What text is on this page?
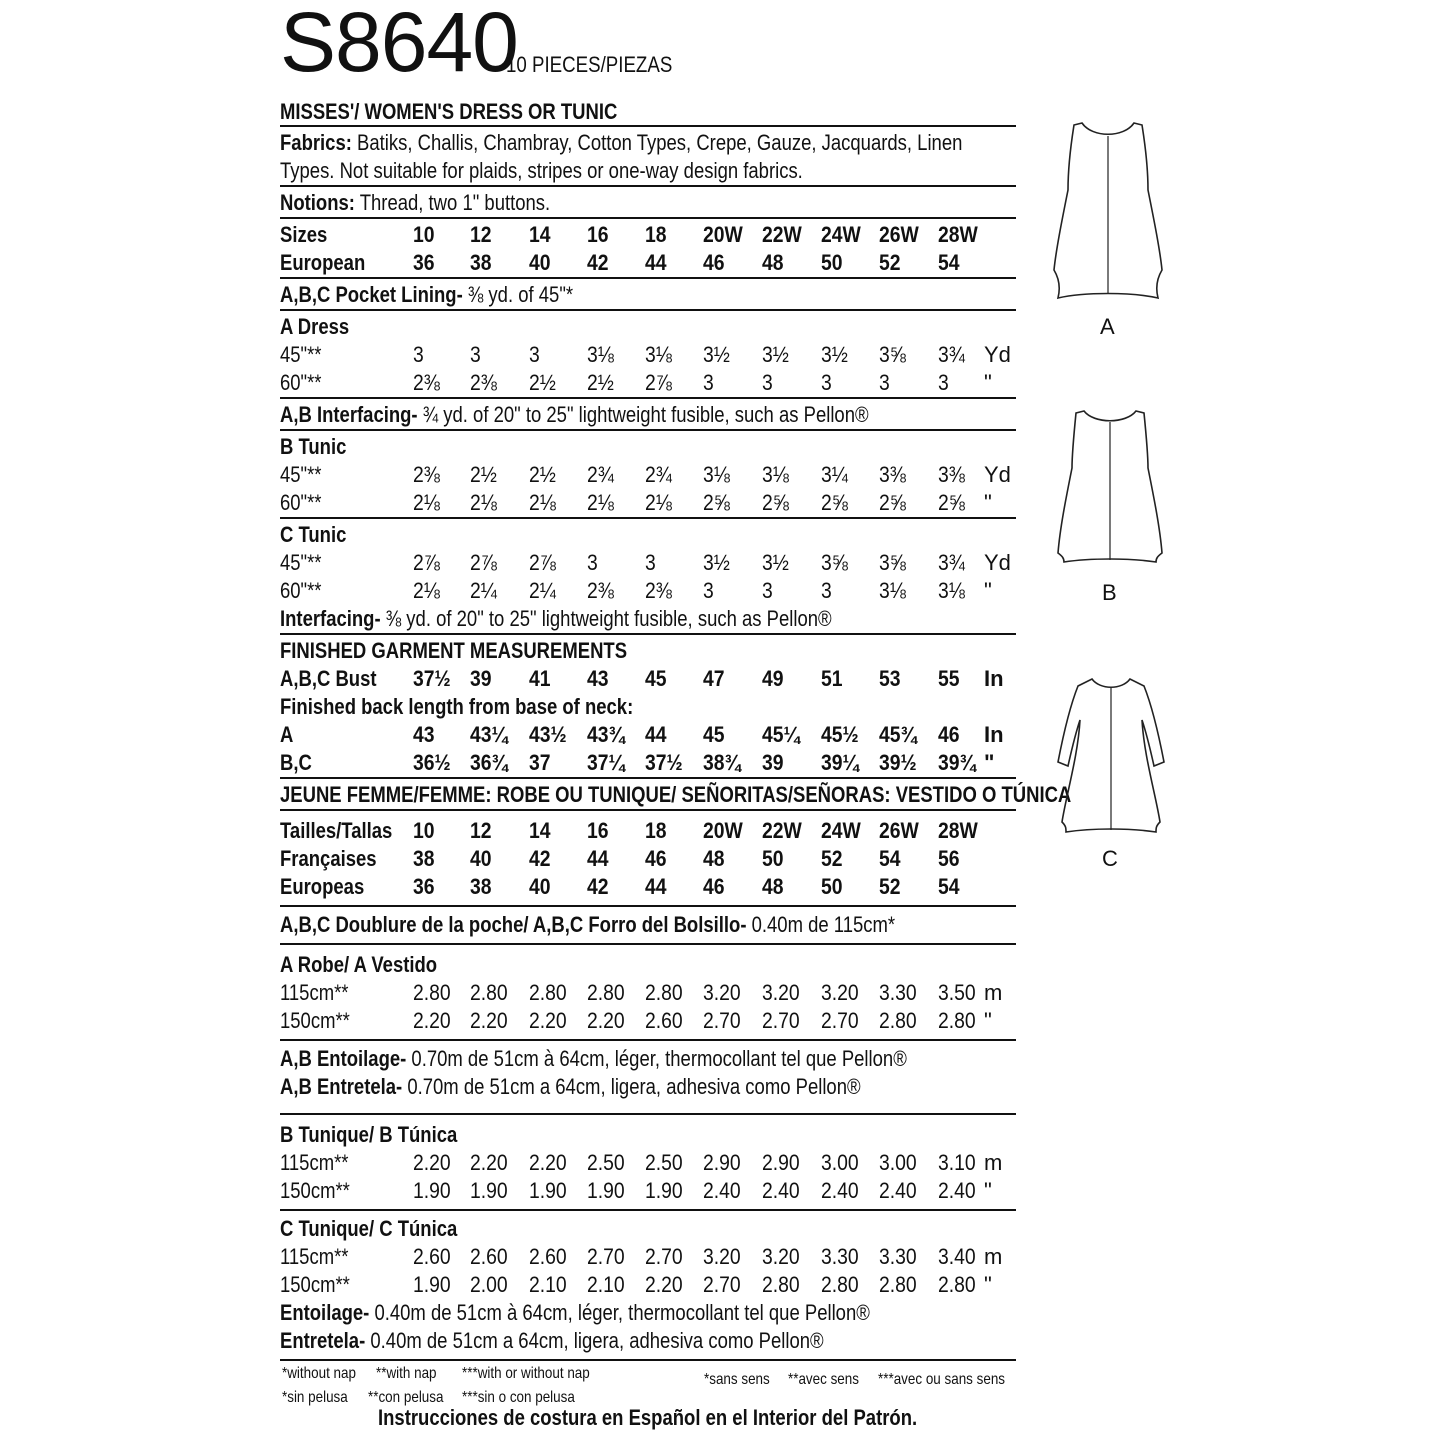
S8640
10 PIECES/PIEZAS
MISSES'/ WOMEN'S DRESS OR TUNIC
Fabrics: Batiks, Challis, Chambray, Cotton Types, Crepe, Gauze, Jacquards, Linen
Types. Not suitable for plaids, stripes or one-way design fabrics.
Notions: Thread, two 1" buttons.
Sizes	10 12 14 16 18 20W 22W 24W 26W 28W
European 36 38 40 42 44 46 48 50 52 54
A,B,C Pocket Lining- ⅜ yd. of 45"*
A Dress
45"**	3 3 3 3⅛ 3⅛ 3½ 3½ 3½ 3⅝ 3¾ Yd
60"**	2⅜ 2⅜ 2½ 2½ 2⅞ 3 3 3 3 3 "
A,B Interfacing- ¾ yd. of 20" to 25" lightweight fusible, such as Pellon®
B Tunic
45"**	2⅜ 2½ 2½ 2¾ 2¾ 3⅛ 3⅛ 3¼ 3⅜ 3⅜ Yd
60"**	2⅛ 2⅛ 2⅛ 2⅛ 2⅛ 2⅝ 2⅝ 2⅝ 2⅝ 2⅝ "
C Tunic
45"**	2⅞ 2⅞ 2⅞ 3 3 3½ 3½ 3⅝ 3⅝ 3¾ Yd
60"**	2⅛ 2¼ 2¼ 2⅜ 2⅜ 3 3 3 3⅛ 3⅛ "
Interfacing- ⅜ yd. of 20" to 25" lightweight fusible, such as Pellon®
FINISHED GARMENT MEASUREMENTS
A,B,C Bust 37½ 39 41 43 45 47 49 51 53 55 In
Finished back length from base of neck:
A	43 43¼ 43½ 43¾ 44 45 45¼ 45½ 45¾ 46 In
B,C	36½ 36¾ 37 37¼ 37½ 38¾ 39 39¼ 39½ 39¾ "
JEUNE FEMME/FEMME: ROBE OU TUNIQUE/ SEÑORITAS/SEÑORAS: VESTIDO O TÚNICA
Tailles/Tallas 10 12 14 16 18 20W 22W 24W 26W 28W
Françaises 38 40 42 44 46 48 50 52 54 56
Europeas 36 38 40 42 44 46 48 50 52 54
A,B,C Doublure de la poche/ A,B,C Forro del Bolsillo- 0.40m de 115cm*
A Robe/ A Vestido
115cm**	2.80 2.80 2.80 2.80 2.80 3.20 3.20 3.20 3.30 3.50 m
150cm**	2.20 2.20 2.20 2.20 2.60 2.70 2.70 2.70 2.80 2.80 "
A,B Entoilage- 0.70m de 51cm à 64cm, léger, thermocollant tel que Pellon®
A,B Entretela- 0.70m de 51cm a 64cm, ligera, adhesiva como Pellon®
B Tunique/ B Túnica
115cm**	2.20 2.20 2.20 2.50 2.50 2.90 2.90 3.00 3.00 3.10 m
150cm**	1.90 1.90 1.90 1.90 1.90 2.40 2.40 2.40 2.40 2.40 "
C Tunique/ C Túnica
115cm**	2.60 2.60 2.60 2.70 2.70 3.20 3.20 3.30 3.30 3.40 m
150cm**	1.90 2.00 2.10 2.10 2.20 2.70 2.80 2.80 2.80 2.80 "
Entoilage- 0.40m de 51cm à 64cm, léger, thermocollant tel que Pellon®
Entretela- 0.40m de 51cm a 64cm, ligera, adhesiva como Pellon®
*without nap **with nap ***with or without nap	*sans sens **avec sens ***avec ou sans sens
*sin pelusa **con pelusa ***sin o con pelusa
Instrucciones de costura en Español en el Interior del Patrón.
A
B
C
